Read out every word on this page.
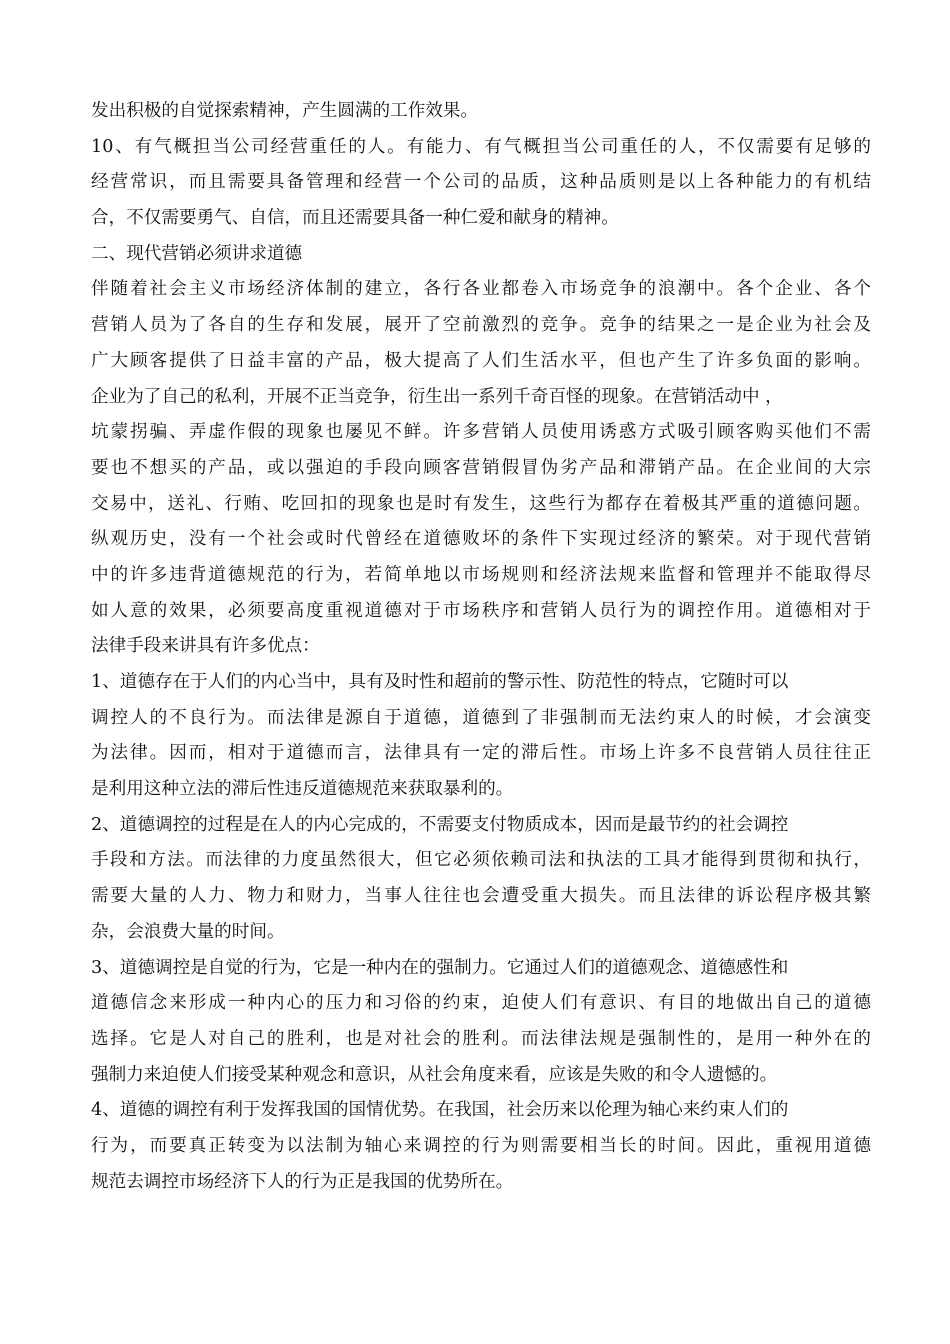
发出积极的自觉探索精神，产生圆满的工作效果。
10、有气概担当公司经营重任的人。有能力、有气概担当公司重任的人，不仅需要有足够的
经营常识，而且需要具备管理和经营一个公司的品质，这种品质则是以上各种能力的有机结
合，不仅需要勇气、自信，而且还需要具备一种仁爱和献身的精神。
二、现代营销必须讲求道德
伴随着社会主义市场经济体制的建立，各行各业都卷入市场竞争的浪潮中。各个企业、各个
营销人员为了各自的生存和发展，展开了空前激烈的竞争。竞争的结果之一是企业为社会及
广大顾客提供了日益丰富的产品，极大提高了人们生活水平，但也产生了许多负面的影响。
企业为了自己的私利，开展不正当竞争，衍生出一系列千奇百怪的现象。在营销活动中 ，
坑蒙拐骗、弄虚作假的现象也屡见不鲜。许多营销人员使用诱惑方式吸引顾客购买他们不需
要也不想买的产品，或以强迫的手段向顾客营销假冒伪劣产品和滞销产品。在企业间的大宗
交易中，送礼、行贿、吃回扣的现象也是时有发生，这些行为都存在着极其严重的道德问题。
纵观历史，没有一个社会或时代曾经在道德败坏的条件下实现过经济的繁荣。对于现代营销
中的许多违背道德规范的行为，若简单地以市场规则和经济法规来监督和管理并不能取得尽
如人意的效果，必须要高度重视道德对于市场秩序和营销人员行为的调控作用。道德相对于
法律手段来讲具有许多优点：
1、道德存在于人们的内心当中，具有及时性和超前的警示性、防范性的特点，它随时可以
调控人的不良行为。而法律是源自于道德，道德到了非强制而无法约束人的时候，才会演变
为法律。因而，相对于道德而言，法律具有一定的滞后性。市场上许多不良营销人员往往正
是利用这种立法的滞后性违反道德规范来获取暴利的。
2、道德调控的过程是在人的内心完成的，不需要支付物质成本，因而是最节约的社会调控
手段和方法。而法律的力度虽然很大，但它必须依赖司法和执法的工具才能得到贯彻和执行，
需要大量的人力、物力和财力，当事人往往也会遭受重大损失。而且法律的诉讼程序极其繁
杂，会浪费大量的时间。
3、道德调控是自觉的行为，它是一种内在的强制力。它通过人们的道德观念、道德感性和
道德信念来形成一种内心的压力和习俗的约束，迫使人们有意识、有目的地做出自己的道德
选择。它是人对自己的胜利，也是对社会的胜利。而法律法规是强制性的，是用一种外在的
强制力来迫使人们接受某种观念和意识，从社会角度来看，应该是失败的和令人遗憾的。
4、道德的调控有利于发挥我国的国情优势。在我国，社会历来以伦理为轴心来约束人们的
行为，而要真正转变为以法制为轴心来调控的行为则需要相当长的时间。因此，重视用道德
规范去调控市场经济下人的行为正是我国的优势所在。
